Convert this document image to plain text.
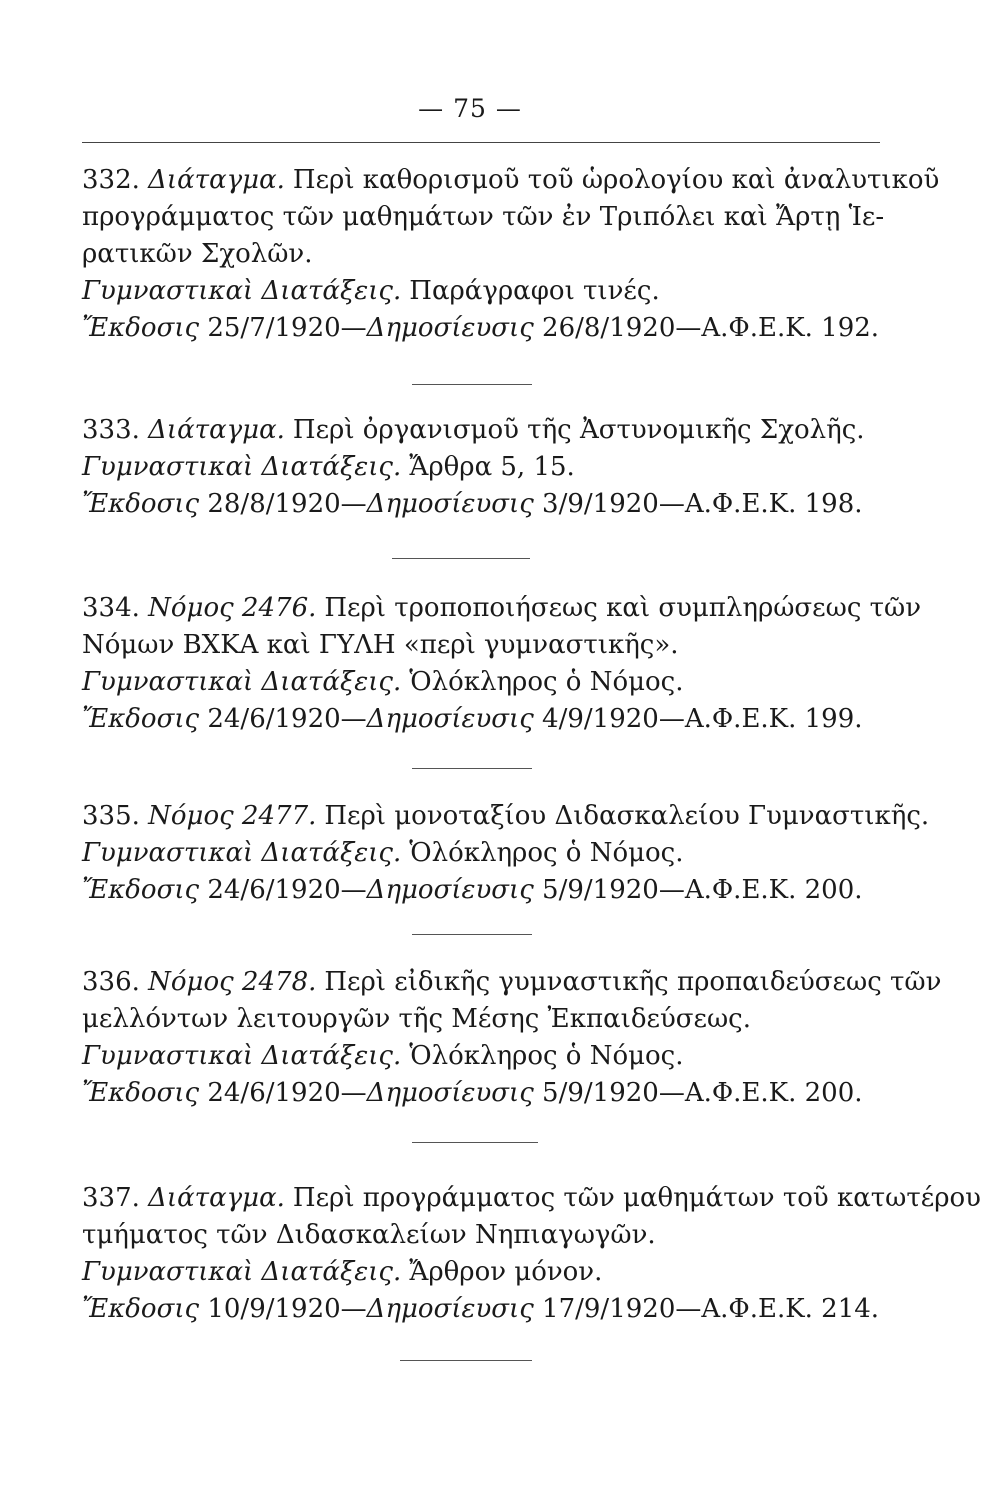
— 75 —
332. Διάταγμα. Περὶ καθορισμοῦ τοῦ ὡρολογίου καὶ ἀναλυτικοῦ
προγράμματος τῶν μαθημάτων τῶν ἐν Τριπόλει καὶ Ἄρτῃ Ἱε-
ρατικῶν Σχολῶν.
Γυμναστικαὶ Διατάξεις. Παράγραφοι τινές.
Ἔκδοσις 25/7/1920—Δημοσίευσις 26/8/1920—Α.Φ.Ε.Κ. 192.
333. Διάταγμα. Περὶ ὀργανισμοῦ τῆς Ἀστυνομικῆς Σχολῆς.
Γυμναστικαὶ Διατάξεις. Ἄρθρα 5, 15.
Ἔκδοσις 28/8/1920—Δημοσίευσις 3/9/1920—Α.Φ.Ε.Κ. 198.
334. Νόμος 2476. Περὶ τροποποιήσεως καὶ συμπληρώσεως τῶν
Νόμων ΒΧΚΑ καὶ ΓΥΛΗ «περὶ γυμναστικῆς».
Γυμναστικαὶ Διατάξεις. Ὁλόκληρος ὁ Νόμος.
Ἔκδοσις 24/6/1920—Δημοσίευσις 4/9/1920—Α.Φ.Ε.Κ. 199.
335. Νόμος 2477. Περὶ μονοταξίου Διδασκαλείου Γυμναστικῆς.
Γυμναστικαὶ Διατάξεις. Ὁλόκληρος ὁ Νόμος.
Ἔκδοσις 24/6/1920—Δημοσίευσις 5/9/1920—Α.Φ.Ε.Κ. 200.
336. Νόμος 2478. Περὶ εἰδικῆς γυμναστικῆς προπαιδεύσεως τῶν
μελλόντων λειτουργῶν τῆς Μέσης Ἐκπαιδεύσεως.
Γυμναστικαὶ Διατάξεις. Ὁλόκληρος ὁ Νόμος.
Ἔκδοσις 24/6/1920—Δημοσίευσις 5/9/1920—Α.Φ.Ε.Κ. 200.
337. Διάταγμα. Περὶ προγράμματος τῶν μαθημάτων τοῦ κατωτέρου
τμήματος τῶν Διδασκαλείων Νηπιαγωγῶν.
Γυμναστικαὶ Διατάξεις. Ἄρθρον μόνον.
Ἔκδοσις 10/9/1920—Δημοσίευσις 17/9/1920—Α.Φ.Ε.Κ. 214.
